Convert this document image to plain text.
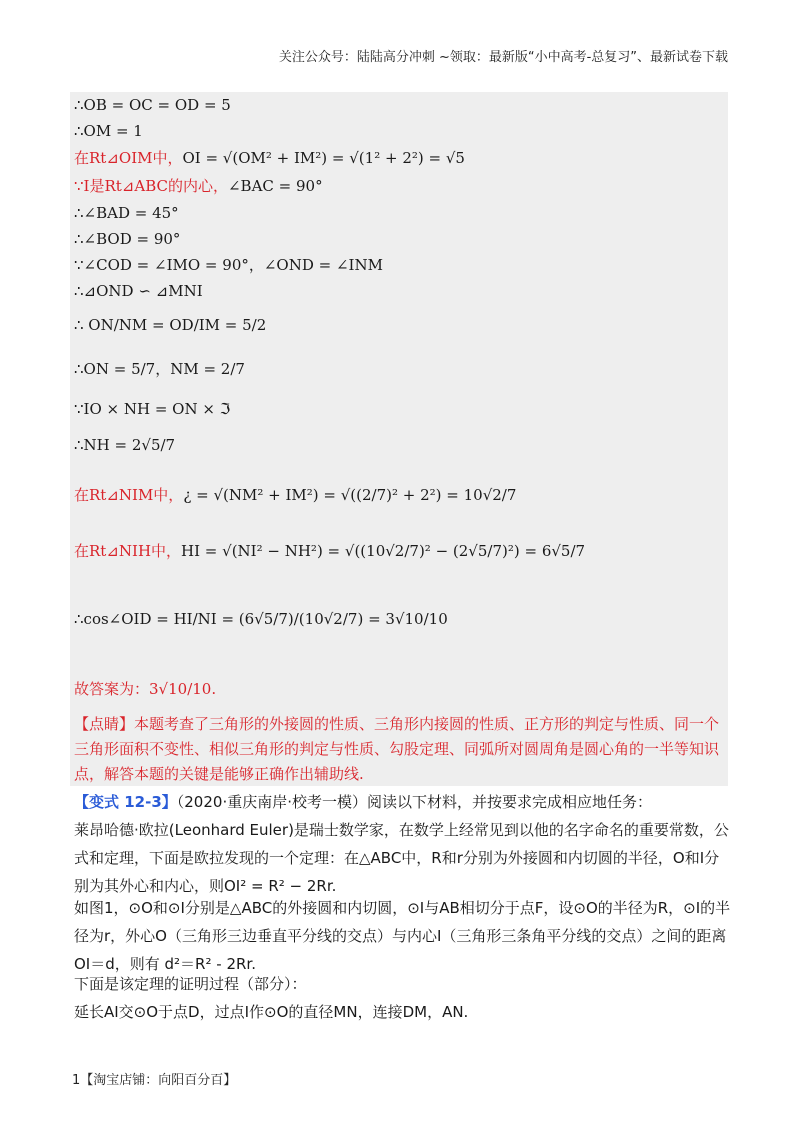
关注公众号：陆陆高分冲刺 ~领取：最新版“小中高考-总复习”、最新试卷下载
∴OB = OC = OD = 5
∴OM = 1
在Rt⊿OIM中， OI = √(OM² + IM²) = √(1² + 2²) = √5
∵I是Rt⊿ABC的内心， ∠BAC = 90°
∴∠BAD = 45°
∴∠BOD = 90°
∵∠COD = ∠IMO = 90°，∠OND = ∠INM
∴⊿OND ∽ ⊿MNI
∴ ON/NM = OD/IM = 5/2
∴ON = 5/7，NM = 2/7
∵IO × NH = ON × ℑ
∴NH = 2√5/7
在Rt⊿NIM中， ¿ = √(NM² + IM²) = √((2/7)² + 2²) = 10√2/7
在Rt⊿NIH中， HI = √(NI² − NH²) = √((10√2/7)² − (2√5/7)²) = 6√5/7
∴cos∠OID = HI/NI = (6√5/7)/(10√2/7) = 3√10/10
故答案为： 3√10/10.
【点睛】本题考查了三角形的外接圆的性质、三角形内接圆的性质、正方形的判定与性质、同一个三角形面积不变性、相似三角形的判定与性质、勾股定理、同弧所对圆周角是圆心角的一半等知识点，解答本题的关键是能够正确作出辅助线.
【变式 12-3】（2020·重庆南岸·校考一模）阅读以下材料，并按要求完成相应地任务：
莱昂哈德·欧拉(Leonhard Euler)是瑞士数学家，在数学上经常见到以他的名字命名的重要常数，公式和定理，下面是欧拉发现的一个定理：在△ABC中，R和r分别为外接圆和内切圆的半径，O和I分别为其外心和内心，则OI² = R² − 2Rr.
如图1，⊙O和⊙I分别是△ABC的外接圆和内切圆，⊙I与AB相切分于点F，设⊙O的半径为R，⊙I的半径为r，外心O（三角形三边垂直平分线的交点）与内心I（三角形三条角平分线的交点）之间的距离OI＝d，则有 d²＝R² - 2Rr.
下面是该定理的证明过程（部分）：
延长AI交⊙O于点D，过点I作⊙O的直径MN，连接DM，AN.
1【淘宝店铺：向阳百分百】
